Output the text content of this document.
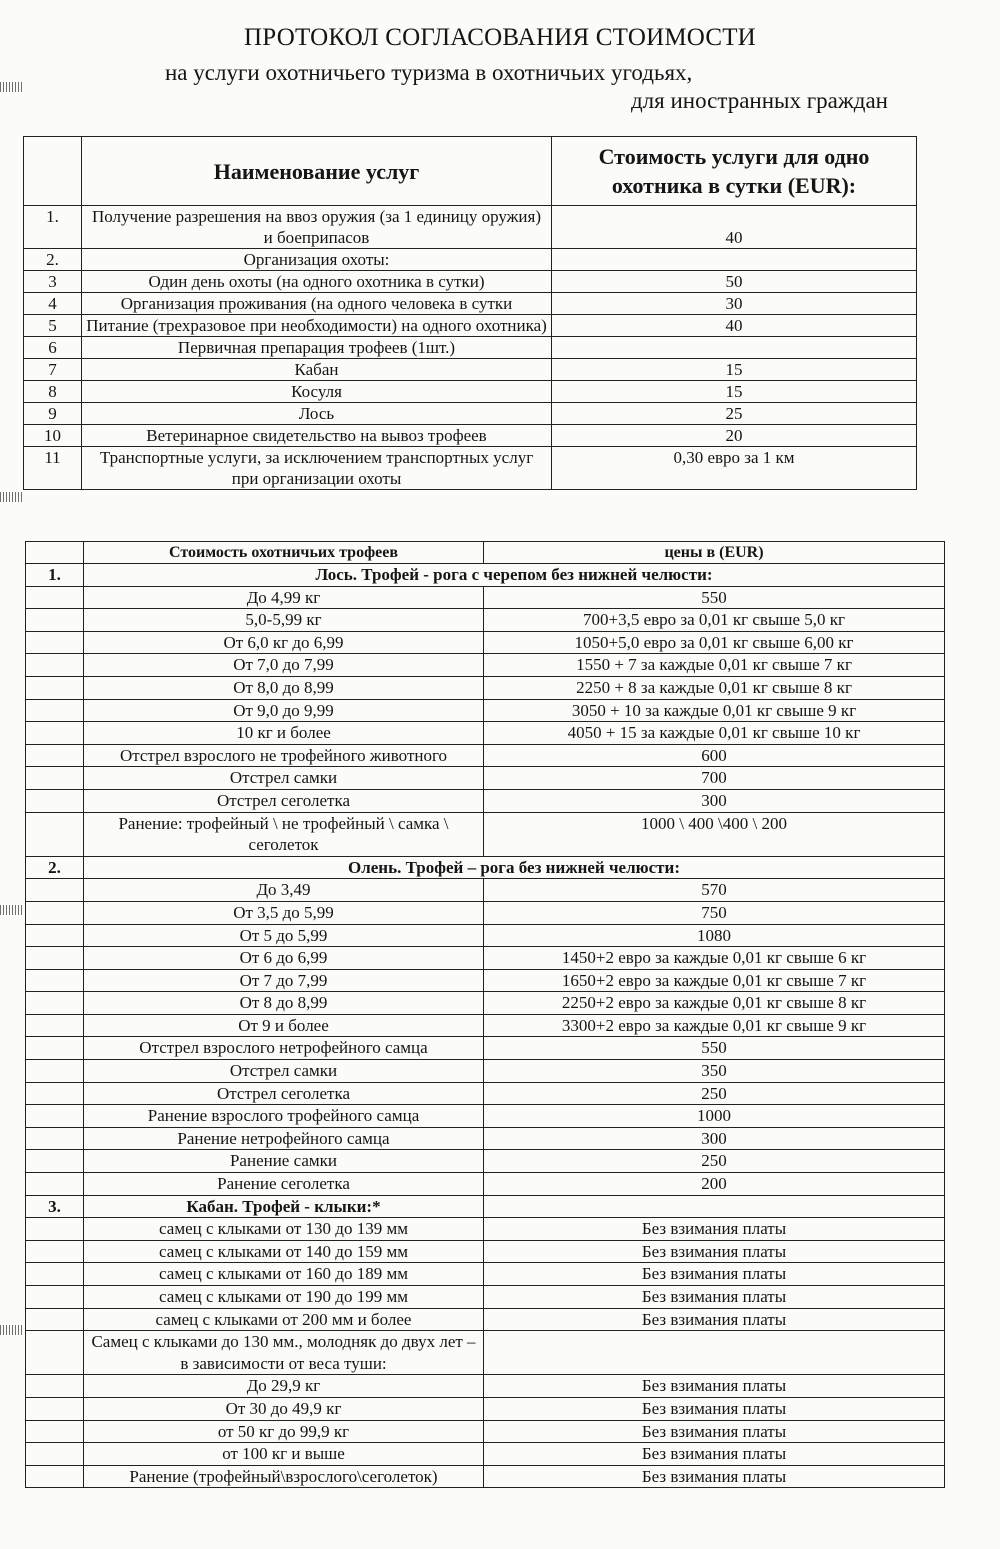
ПРОТОКОЛ СОГЛАСОВАНИЯ СТОИМОСТИ
на услуги охотничьего туризма в охотничьих угодьях,
для иностранных граждан
	Наименование услуг	Стоимость услуги для одно охотника в сутки (EUR):
1.	Получение разрешения на ввоз оружия (за 1 единицу оружия) и боеприпасов	40
2.	Организация охоты:	
3	Один день охоты (на одного охотника в сутки)	50
4	Организация проживания (на одного человека в сутки	30
5	Питание (трехразовое при необходимости) на одного охотника)	40
6	Первичная препарация трофеев (1шт.)	
7	Кабан	15
8	Косуля	15
9	Лось	25
10	Ветеринарное свидетельство на вывоз трофеев	20
11	Транспортные услуги, за исключением транспортных услуг при организации охоты	0,30 евро за 1 км
	Стоимость охотничьих трофеев	цены в (EUR)
1.	Лось. Трофей - рога с черепом без нижней челюсти:	
	До 4,99 кг	550
	5,0-5,99 кг	700+3,5 евро за 0,01 кг свыше 5,0 кг
	От 6,0 кг до 6,99	1050+5,0 евро за 0,01 кг свыше 6,00 кг
	От 7,0 до 7,99	1550 + 7 за каждые 0,01 кг свыше 7 кг
	От 8,0 до 8,99	2250 + 8 за каждые 0,01 кг свыше 8 кг
	От 9,0 до 9,99	3050 + 10 за каждые 0,01 кг свыше 9 кг
	10 кг и более	4050 + 15 за каждые 0,01 кг свыше 10 кг
	Отстрел взрослого не трофейного животного	600
	Отстрел самки	700
	Отстрел сеголетка	300
	Ранение: трофейный \ не трофейный \ самка \ сеголеток	1000 \ 400 \400 \ 200
2.	Олень. Трофей – рога без нижней челюсти:	
	До 3,49	570
	От 3,5 до 5,99	750
	От 5 до 5,99	1080
	От 6 до 6,99	1450+2 евро за каждые 0,01 кг свыше 6 кг
	От 7 до 7,99	1650+2 евро за каждые 0,01 кг свыше 7 кг
	От 8 до 8,99	2250+2 евро за каждые 0,01 кг свыше 8 кг
	От 9 и более	3300+2 евро за каждые 0,01 кг свыше 9 кг
	Отстрел взрослого нетрофейного самца	550
	Отстрел самки	350
	Отстрел сеголетка	250
	Ранение взрослого трофейного самца	1000
	Ранение нетрофейного самца	300
	Ранение самки	250
	Ранение сеголетка	200
3.	Кабан. Трофей - клыки:*	
	самец с клыками от 130 до 139 мм	Без взимания платы
	самец с клыками от 140 до 159 мм	Без взимания платы
	самец с клыками от 160 до 189 мм	Без взимания платы
	самец с клыками от 190 до 199 мм	Без взимания платы
	самец с клыками от 200 мм и более	Без взимания платы
	Самец с клыками до 130 мм., молодняк до двух лет – в зависимости от веса туши:	
	До 29,9 кг	Без взимания платы
	От 30 до 49,9 кг	Без взимания платы
	от 50 кг до 99,9 кг	Без взимания платы
	от 100 кг и выше	Без взимания платы
	Ранение (трофейный\взрослого\сеголеток)	Без взимания платы
